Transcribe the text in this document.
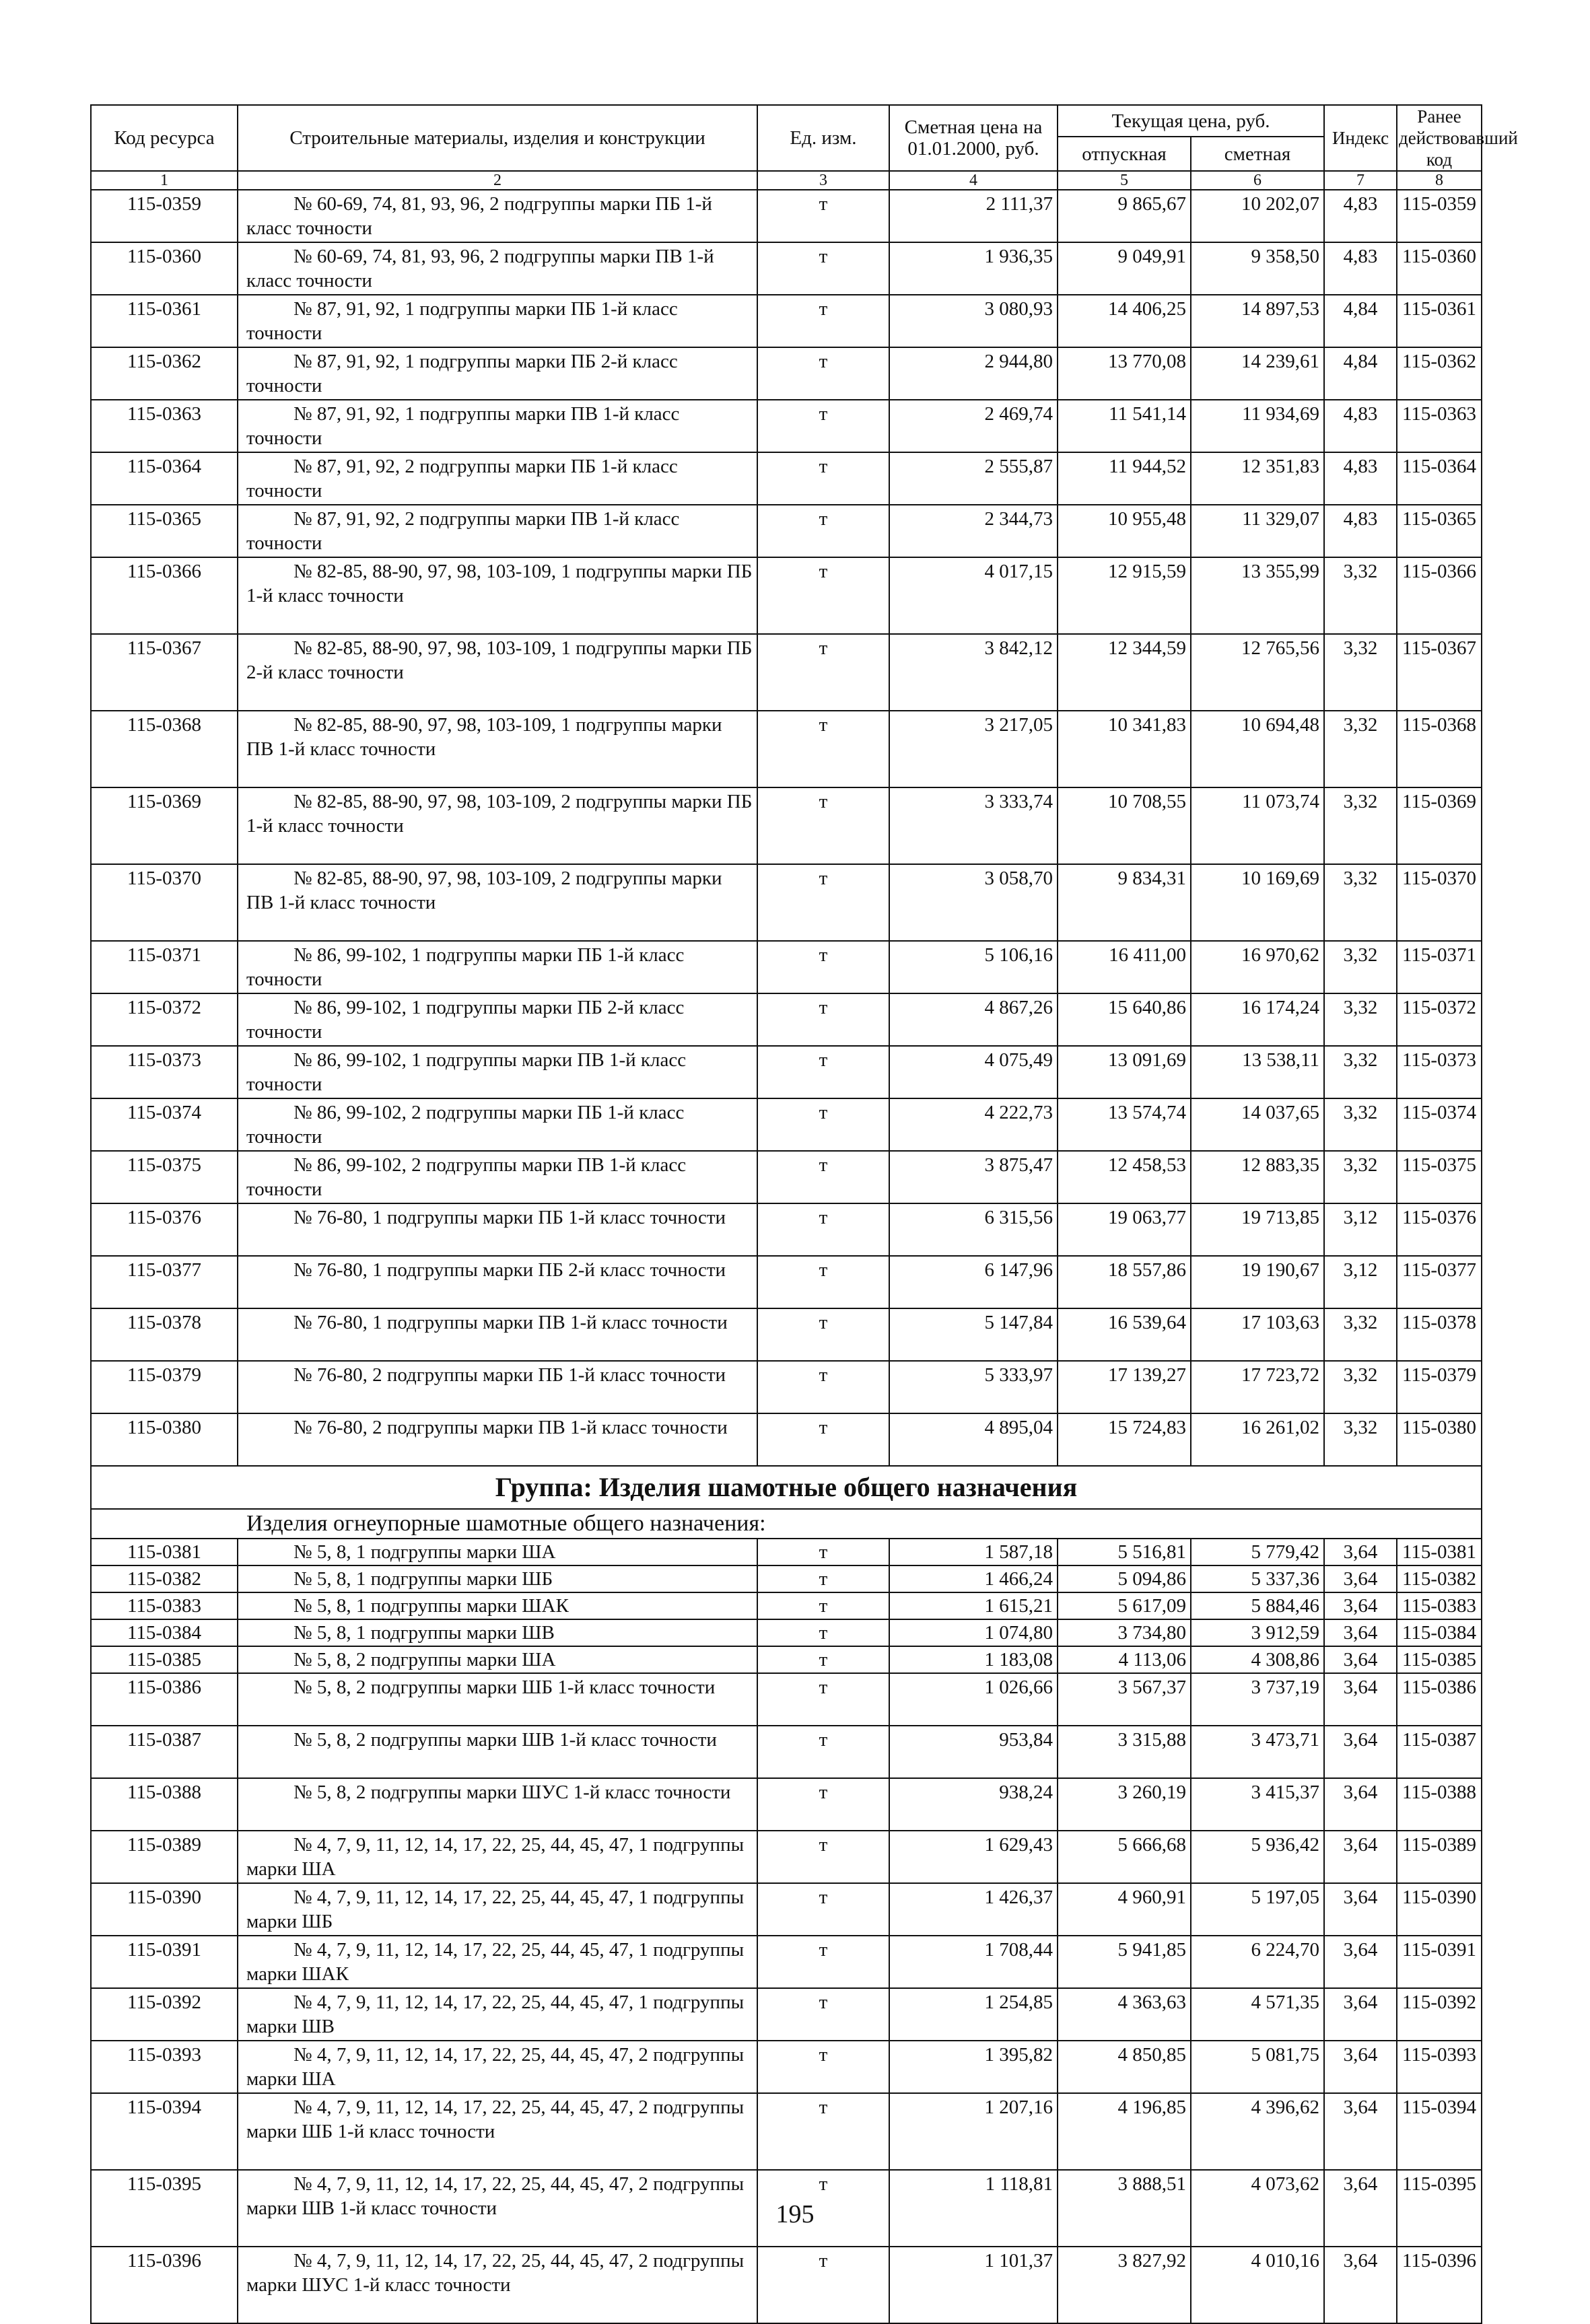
Код ресурса	Строительные материалы, изделия и конструкции	Ед. изм.	Сметная цена на 01.01.2000, руб.	Текущая цена, руб.		Индекс	Ранее действовавший код
				отпускная	сметная		
1	2	3	4	5	6	7	8
115-0359	№ 60-69, 74, 81, 93, 96, 2 подгруппы марки ПБ 1-й класс точности	т	2 111,37	9 865,67	10 202,07	4,83	115-0359
115-0360	№ 60-69, 74, 81, 93, 96, 2 подгруппы марки ПВ 1-й класс точности	т	1 936,35	9 049,91	9 358,50	4,83	115-0360
115-0361	№ 87, 91, 92, 1 подгруппы марки ПБ 1-й класс точности	т	3 080,93	14 406,25	14 897,53	4,84	115-0361
115-0362	№ 87, 91, 92, 1 подгруппы марки ПБ 2-й класс точности	т	2 944,80	13 770,08	14 239,61	4,84	115-0362
115-0363	№ 87, 91, 92, 1 подгруппы марки ПВ 1-й класс точности	т	2 469,74	11 541,14	11 934,69	4,83	115-0363
115-0364	№ 87, 91, 92, 2 подгруппы марки ПБ 1-й класс точности	т	2 555,87	11 944,52	12 351,83	4,83	115-0364
115-0365	№ 87, 91, 92, 2 подгруппы марки ПВ 1-й класс точности	т	2 344,73	10 955,48	11 329,07	4,83	115-0365
115-0366	№ 82-85, 88-90, 97, 98, 103-109, 1 подгруппы марки ПБ 1-й класс точности	т	4 017,15	12 915,59	13 355,99	3,32	115-0366
115-0367	№ 82-85, 88-90, 97, 98, 103-109, 1 подгруппы марки ПБ 2-й класс точности	т	3 842,12	12 344,59	12 765,56	3,32	115-0367
115-0368	№ 82-85, 88-90, 97, 98, 103-109, 1 подгруппы марки ПВ 1-й класс точности	т	3 217,05	10 341,83	10 694,48	3,32	115-0368
115-0369	№ 82-85, 88-90, 97, 98, 103-109, 2 подгруппы марки ПБ 1-й класс точности	т	3 333,74	10 708,55	11 073,74	3,32	115-0369
115-0370	№ 82-85, 88-90, 97, 98, 103-109, 2 подгруппы марки ПВ 1-й класс точности	т	3 058,70	9 834,31	10 169,69	3,32	115-0370
115-0371	№ 86, 99-102, 1 подгруппы марки ПБ 1-й класс точности	т	5 106,16	16 411,00	16 970,62	3,32	115-0371
115-0372	№ 86, 99-102, 1 подгруппы марки ПБ 2-й класс точности	т	4 867,26	15 640,86	16 174,24	3,32	115-0372
115-0373	№ 86, 99-102, 1 подгруппы марки ПВ 1-й класс точности	т	4 075,49	13 091,69	13 538,11	3,32	115-0373
115-0374	№ 86, 99-102, 2 подгруппы марки ПБ 1-й класс точности	т	4 222,73	13 574,74	14 037,65	3,32	115-0374
115-0375	№ 86, 99-102, 2 подгруппы марки ПВ 1-й класс точности	т	3 875,47	12 458,53	12 883,35	3,32	115-0375
115-0376	№ 76-80, 1 подгруппы марки ПБ 1-й класс точности	т	6 315,56	19 063,77	19 713,85	3,12	115-0376
115-0377	№ 76-80, 1 подгруппы марки ПБ 2-й класс точности	т	6 147,96	18 557,86	19 190,67	3,12	115-0377
115-0378	№ 76-80, 1 подгруппы марки ПВ 1-й класс точности	т	5 147,84	16 539,64	17 103,63	3,32	115-0378
115-0379	№ 76-80, 2 подгруппы марки ПБ 1-й класс точности	т	5 333,97	17 139,27	17 723,72	3,32	115-0379
115-0380	№ 76-80, 2 подгруппы марки ПВ 1-й класс точности	т	4 895,04	15 724,83	16 261,02	3,32	115-0380
Группа: Изделия шамотные общего назначения							
Изделия огнеупорные шамотные общего назначения:							
115-0381	№ 5, 8, 1 подгруппы марки ША	т	1 587,18	5 516,81	5 779,42	3,64	115-0381
115-0382	№ 5, 8, 1 подгруппы марки ШБ	т	1 466,24	5 094,86	5 337,36	3,64	115-0382
115-0383	№ 5, 8, 1 подгруппы марки ШАК	т	1 615,21	5 617,09	5 884,46	3,64	115-0383
115-0384	№ 5, 8, 1 подгруппы марки ШВ	т	1 074,80	3 734,80	3 912,59	3,64	115-0384
115-0385	№ 5, 8, 2 подгруппы марки ША	т	1 183,08	4 113,06	4 308,86	3,64	115-0385
115-0386	№ 5, 8, 2 подгруппы марки ШБ 1-й класс точности	т	1 026,66	3 567,37	3 737,19	3,64	115-0386
115-0387	№ 5, 8, 2 подгруппы марки ШВ 1-й класс точности	т	953,84	3 315,88	3 473,71	3,64	115-0387
115-0388	№ 5, 8, 2 подгруппы марки ШУС 1-й класс точности	т	938,24	3 260,19	3 415,37	3,64	115-0388
115-0389	№ 4, 7, 9, 11, 12, 14, 17, 22, 25, 44, 45, 47, 1 подгруппы марки ША	т	1 629,43	5 666,68	5 936,42	3,64	115-0389
115-0390	№ 4, 7, 9, 11, 12, 14, 17, 22, 25, 44, 45, 47, 1 подгруппы марки ШБ	т	1 426,37	4 960,91	5 197,05	3,64	115-0390
115-0391	№ 4, 7, 9, 11, 12, 14, 17, 22, 25, 44, 45, 47, 1 подгруппы марки ШАК	т	1 708,44	5 941,85	6 224,70	3,64	115-0391
115-0392	№ 4, 7, 9, 11, 12, 14, 17, 22, 25, 44, 45, 47, 1 подгруппы марки ШВ	т	1 254,85	4 363,63	4 571,35	3,64	115-0392
115-0393	№ 4, 7, 9, 11, 12, 14, 17, 22, 25, 44, 45, 47, 2 подгруппы марки ША	т	1 395,82	4 850,85	5 081,75	3,64	115-0393
115-0394	№ 4, 7, 9, 11, 12, 14, 17, 22, 25, 44, 45, 47, 2 подгруппы марки ШБ 1-й класс точности	т	1 207,16	4 196,85	4 396,62	3,64	115-0394
115-0395	№ 4, 7, 9, 11, 12, 14, 17, 22, 25, 44, 45, 47, 2 подгруппы марки ШВ 1-й класс точности	т	1 118,81	3 888,51	4 073,62	3,64	115-0395
115-0396	№ 4, 7, 9, 11, 12, 14, 17, 22, 25, 44, 45, 47, 2 подгруппы марки ШУС 1-й класс точности	т	1 101,37	3 827,92	4 010,16	3,64	115-0396
195
